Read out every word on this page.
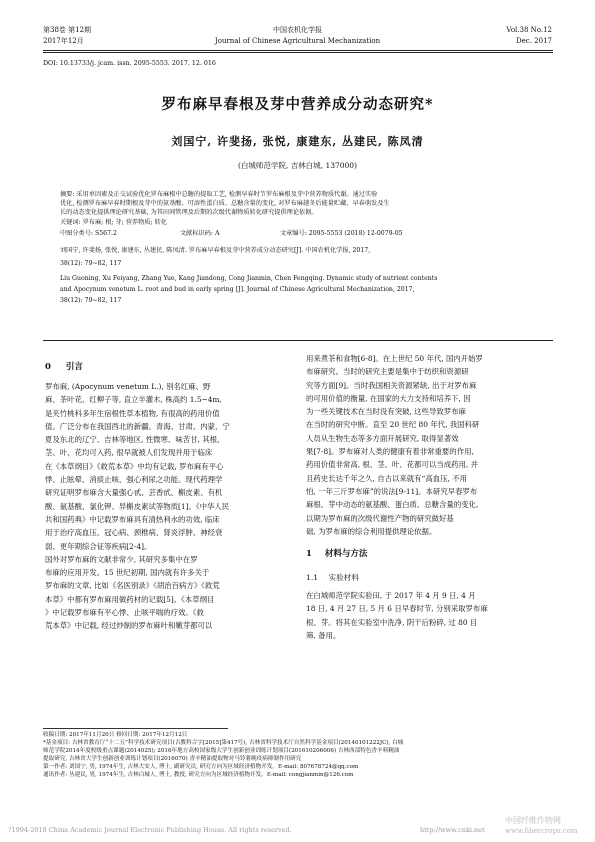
第38卷 第12期
2017年12月
中国农机化学报
Journal of Chinese Agricultural Mechanization
Vol.38 No.12
Dec. 2017
DOI: 10.13733/j. jcam. issn. 2095-5553. 2017. 12. 016
罗布麻早春根及芽中营养成分动态研究*
刘国宁, 许斐扬, 张悦, 康建东, 丛建民, 陈凤清
(白城师范学院, 吉林白城, 137000)
摘要: 采用单因素及正交试验优化罗布麻根中总糖的提取工艺, 检测早春时节罗布麻根及芽中营养物质代谢。通过实验
优化, 检测罗布麻早春时期根及芽中的氨基酸、可溶性蛋白质、总糖含量的变化, 对罗布麻越冬后能量贮藏、早春萌发及生
长的动态变化提供理论研究基础, 为其田间管理及后期的次级代谢物质转化研究提供理论依据。
关键词: 罗布麻; 根; 芽; 营养物质; 转化
中图分类号: S567.2	文献标识码: A	文章编号: 2095-5553 (2018) 12-0079-05
刘国宁, 许斐扬, 张悦, 康建东, 丛建民, 陈凤清. 罗布麻早春根及芽中营养成分动态研究[J]. 中国农机化学报, 2017,
38(12): 79~82, 117
Liu Guoning, Xu Feiyang, Zhang Yue, Kang Jiandong, Cong Jianmin, Chen Fengqing. Dynamic study of nutrient contents
and Apocynum venetum L. root and bud in early spring [J]. Journal of Chinese Agricultural Mechanization, 2017,
38(12): 79~82, 117
0 引言
罗布麻, (Apocynum venetum L.), 别名红麻、野
麻、茶叶花、红柳子等, 直立半灌木, 株高约 1.5~4m,
是夹竹桃科多年生宿根性草本植物, 有很高的药用价值
值。广泛分布在我国西北的新疆、青海、甘肃、内蒙、宁
夏及东北的辽宁、吉林等地区, 性微寒、味苦甘, 其根、
茎、叶、花均可入药, 很早就被人们发现并用于临床
在《本草纲目》《救荒本草》中均有记载, 罗布麻有平心
悸、止眩晕、消痰止咳、强心利尿之功能。现代药理学
研究证明罗布麻含大量强心甙、芸香甙、槲皮素、有机
酸、氨基酸、氯化钾、异槲皮素试等物质[1]。《中华人民
共和国药典》中记载罗布麻具有清热利水的功效, 临床
用于治疗高血压、冠心病、颈椎病、肾炎浮肿、神经衰
弱、更年期综合征等疾病[2-4]。
国外对罗布麻的文献非常少, 其研究多集中在罗
布麻的应用开发。15 世纪初期, 国内就有许多关于
罗布麻的文章, 比如《名医别录》《胡治百病方》《救荒
本草》中都有罗布麻用做药材的记载[5]。《本草纲目
》中记载罗布麻有平心悸、止咳平喘的疗效。《救
荒本草》中记载, 经过炒制的罗布麻叶和嫩芽都可以
用来煮茶和食物[6-8]。在上世纪 50 年代, 国内开始罗
布麻研究。当时的研究主要是集中于纺织和资源研
究等方面[9]。当时我国相关资源紧缺, 出于对罗布麻
的可用价值的衡量, 在国家的大力支持和培养下, 因
为一些关键技术在当时没有突破, 这些导致罗布麻
在当时的研究中断。直至 20 世纪 80 年代, 我国科研
人员从生物生态等多方面开展研究, 取得显著效
果[7-8]。罗布麻对人类的健康有着非常重要的作用,
药用价值非常高, 根、茎、叶、花都可以当成药用, 并
且药史长达千年之久, 自古以来就有“高血压, 不用
怕, 一年三斤罗布麻”的说法[9-11]。本研究早春罗布
麻根、芽中动态的氨基酸、蛋白质、总糖含量的变化,
以期为罗布麻的次级代谢性产物的研究做好基
础, 为罗布麻的综合利用提供理论依据。
1 材料与方法
1.1 实验材料
在白城师范学院实验田, 于 2017 年 4 月 9 日, 4 月
18 日, 4 月 27 日, 5 月 6 日早春时节, 分别采取罗布麻
根、芽。将其在实验室中洗净, 阴干后粉碎, 过 80 目
筛, 备用。
收稿日期: 2017年11月20日 修回日期: 2017年12月12日
*基金项目: 吉林省教育厅“十二五”科学技术研究项目(吉教科合字[2015]第417号), 吉林省科学技术厅自然科学基金项目(20140101222JC), 白城
师范学院2014年度校级重点课题(2014025); 2016年地方高校国家级大学生创新创业训练计划项目(201610206006) 吉林西部特色香辛料精油
提取研究, 吉林省大学生创新创业训练计划项目(2016070) 香辛精油提取物对马铃薯晚疫病抑制作用研究
第一作者: 刘国宁, 男, 1974年生, 吉林大安人, 博士, 副研究员, 研究方向为区域经济植物开发。E-mail: 807678724@qq.com
通讯作者: 丛建民, 男, 1974年生, 吉林白城人, 博士, 教授, 研究方向为区域经济植物开发。E-mail: congjianmin@126.com
?1994-2018 China Academic Journal Electronic Publishing House. All rights reserved.	http://www.cnki.net
中国纤维作物网
www.fibercrops.com
